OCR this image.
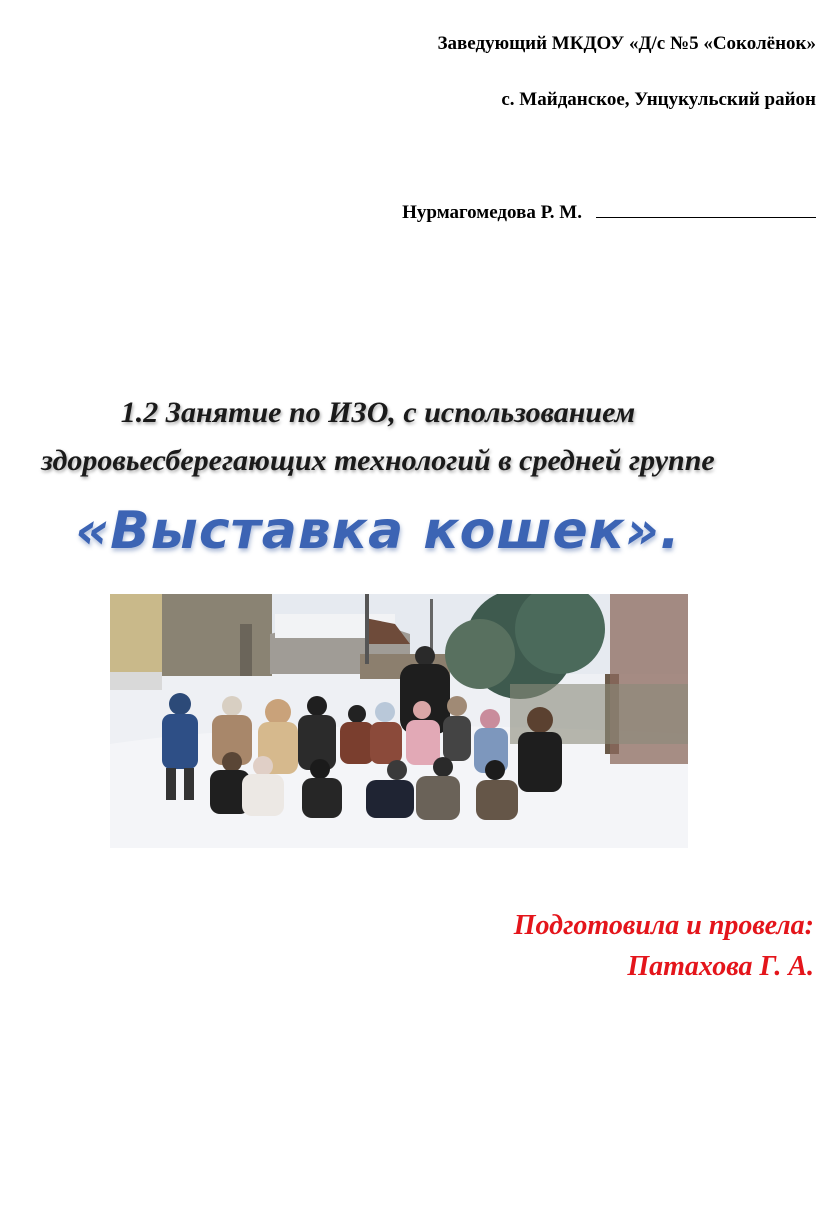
Заведующий МКДОУ «Д/с №5 «Соколёнок»
с. Майданское, Унцукульский район
Нурмагомедова Р. М.
1.2 Занятие по ИЗО, с использованием
здоровьесберегающих технологий в средней группе
«Выставка кошек».
Подготовила и провела:
Патахова Г. А.
